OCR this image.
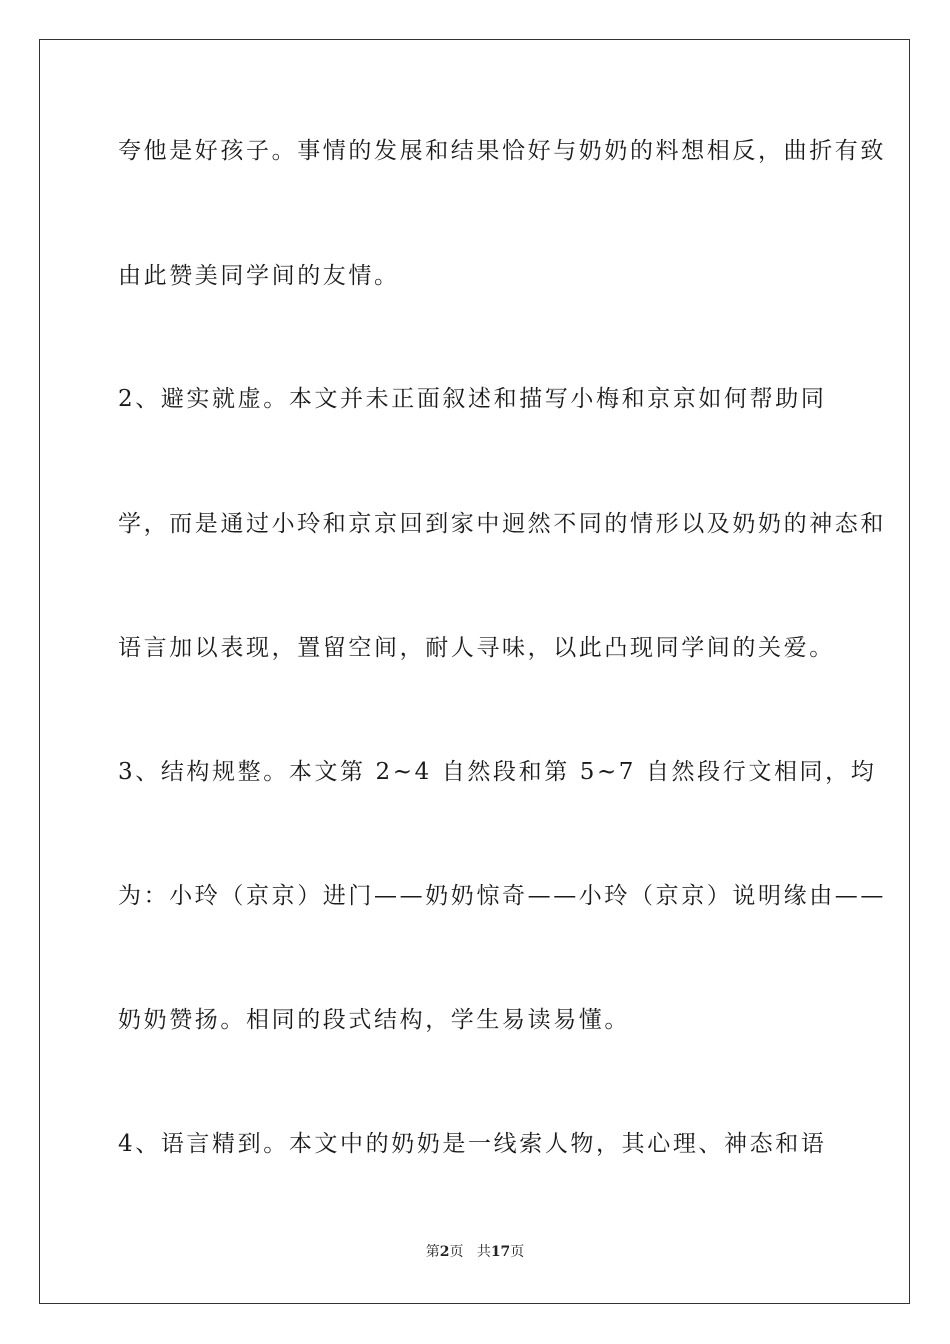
夸他是好孩子。事情的发展和结果恰好与奶奶的料想相反，曲折有致
由此赞美同学间的友情。
2、避实就虚。本文并未正面叙述和描写小梅和京京如何帮助同
学，而是通过小玲和京京回到家中迥然不同的情形以及奶奶的神态和
语言加以表现，置留空间，耐人寻味，以此凸现同学间的关爱。
3、结构规整。本文第 2~4 自然段和第 5~7 自然段行文相同，均
为：小玲（京京）进门——奶奶惊奇——小玲（京京）说明缘由——
奶奶赞扬。相同的段式结构，学生易读易懂。
4、语言精到。本文中的奶奶是一线索人物，其心理、神态和语
第2页 共17页
